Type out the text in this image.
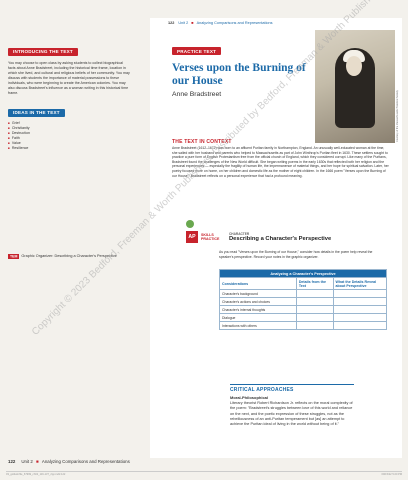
INTRODUCING THE TEXT

You may choose to open class by asking students to collect biographical facts about Anne Bradstreet, including the historical time frame, location in which she lived, and cultural and religious beliefs of her community. You may discuss with students the importance of material possessions to these individuals, who were beginning to create the American colonies. You may also discuss Bradstreet's influence as a woman writing in this historical time frame.

IDEAS IN THE TEXT
■ Grief
■ Christianity
■ Destruction
■ Faith
■ Value
■ Resilience
TEM Graphic Organizer: Describing a Character's Perspective
122 Unit 2 ■ Analyzing Comparisons and Representations
PRACTICE TEXT
Verses upon the Burning of our House
Anne Bradstreet	Courtesy of the Massachusetts Historical Society
THE TEXT IN CONTEXT

Anne Bradstreet (1612–1672) was born to an affluent Puritan family in Northampton, England. An unusually well-educated woman at the time, she sailed with her husband and parents who helped to Massachusetts as part of John Winthrop's Puritan fleet in 1630. These settlers sought to practice a pure form of English Protestantism free from the official church of England, which they considered corrupt. Like many of the Puritans, Bradstreet found the challenges of the New World difficult. She began writing poems in the early 1630s that reflected both her religion and the personal experiences — especially the fragility of human life, the impermanence of material things, and her hope for spiritual salvation. Later, her poetry focused more on home, on her children and domestic life as the mother of eight children. In the 1666 poem "Verses upon the Burning of our House," Bradstreet reflects on a personal experience that had a profound meaning.

AP	SKILLS PRACTICE
CHARACTER
Describing a Character's Perspective

As you read "Verses upon the Burning of our House," consider how details in the poem help reveal the speaker's perspective. Record your notes in the graphic organizer.

Analyzing a Character's Perspective		
Considerations	Details from the Text	What the Details Reveal about Perspective
Character's background		
Character's actions and choices		
Character's internal thoughts		
Dialogue		
Interactions with others		
Copyright © 2023 Bedford, Freeman & Worth Publishers. Distributed by Bedford, Freeman & Worth
CRITICAL APPROACHES
Moral-Philosophical

Literary theorist Robert Richardson Jr. reflects on the moral complexity of the poem: "Bradstreet's struggles between love of this world and reliance on the next, and the poetic expression of these struggles, not as the rebelliousness of an anti-Puritan temperament but [as] an attempt to achieve the Puritan ideal of living in the world without being of it."

122 Unit 2 ■ Analyzing Comparisons and Representations
03_goldwinfile_67999_ch02_116-137_2pp.indd 122	09/15/22 5:20 PM
